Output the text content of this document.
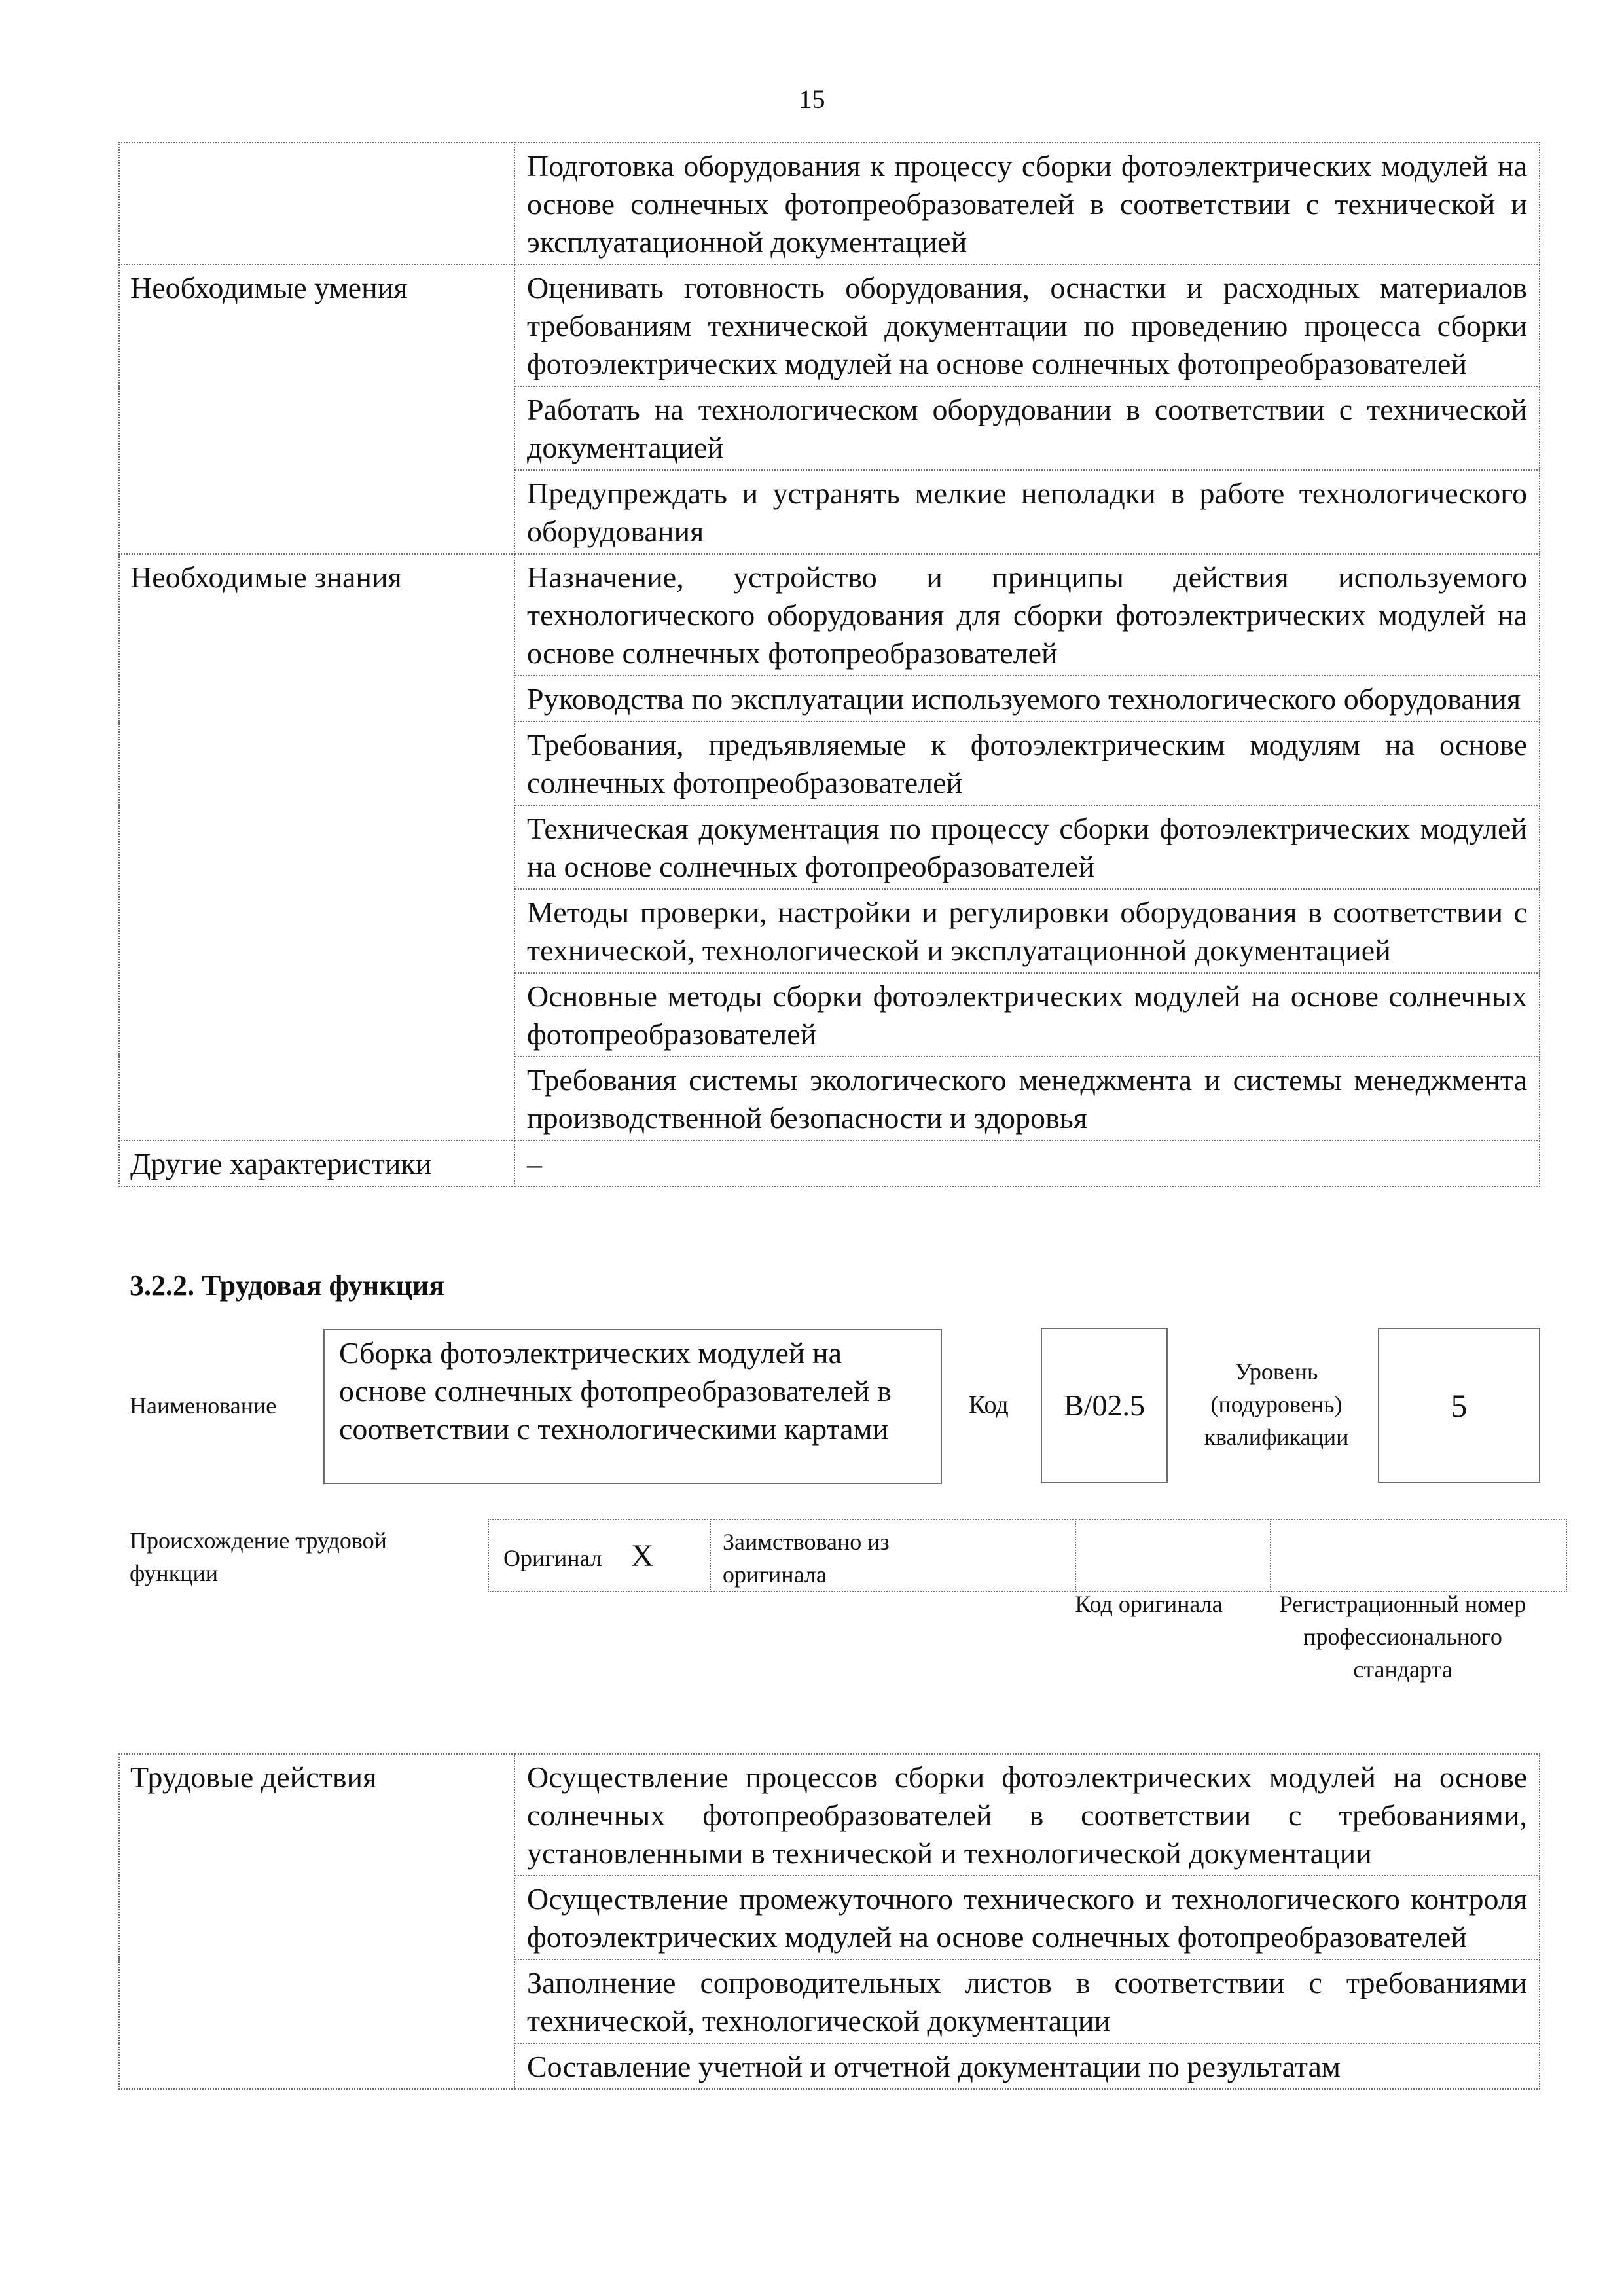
15
	Подготовка оборудования к процессу сборки фотоэлектрических модулей на основе солнечных фотопреобразователей в соответствии с технической и эксплуатационной документацией
Необходимые умения	Оценивать готовность оборудования, оснастки и расходных материалов требованиям технической документации по проведению процесса сборки фотоэлектрических модулей на основе солнечных фотопреобразователей
	Работать на технологическом оборудовании в соответствии с технической документацией
	Предупреждать и устранять мелкие неполадки в работе технологического оборудования
Необходимые знания	Назначение, устройство и принципы действия используемого технологического оборудования для сборки фотоэлектрических модулей на основе солнечных фотопреобразователей
	Руководства по эксплуатации используемого технологического оборудования
	Требования, предъявляемые к фотоэлектрическим модулям на основе солнечных фотопреобразователей
	Техническая документация по процессу сборки фотоэлектрических модулей на основе солнечных фотопреобразователей
	Методы проверки, настройки и регулировки оборудования в соответствии с технической, технологической и эксплуатационной документацией
	Основные методы сборки фотоэлектрических модулей на основе солнечных фотопреобразователей
	Требования системы экологического менеджмента и системы менеджмента производственной безопасности и здоровья
Другие характеристики	–
3.2.2. Трудовая функция
Наименование
Сборка фотоэлектрических модулей на основе солнечных фотопреобразователей в соответствии с технологическими картами
Код	B/02.5
Уровень (подуровень) квалификации
5
Происхождение трудовой функции
Оригинал X	Заимствовано из оригинала		
Код оригинала	Регистрационный номер профессионального стандарта
Трудовые действия	Осуществление процессов сборки фотоэлектрических модулей на основе солнечных фотопреобразователей в соответствии с требованиями, установленными в технической и технологической документации
Осуществление промежуточного технического и технологического контроля фотоэлектрических модулей на основе солнечных фотопреобразователей
Заполнение сопроводительных листов в соответствии с требованиями технической, технологической документации
Составление учетной и отчетной документации по результатам
